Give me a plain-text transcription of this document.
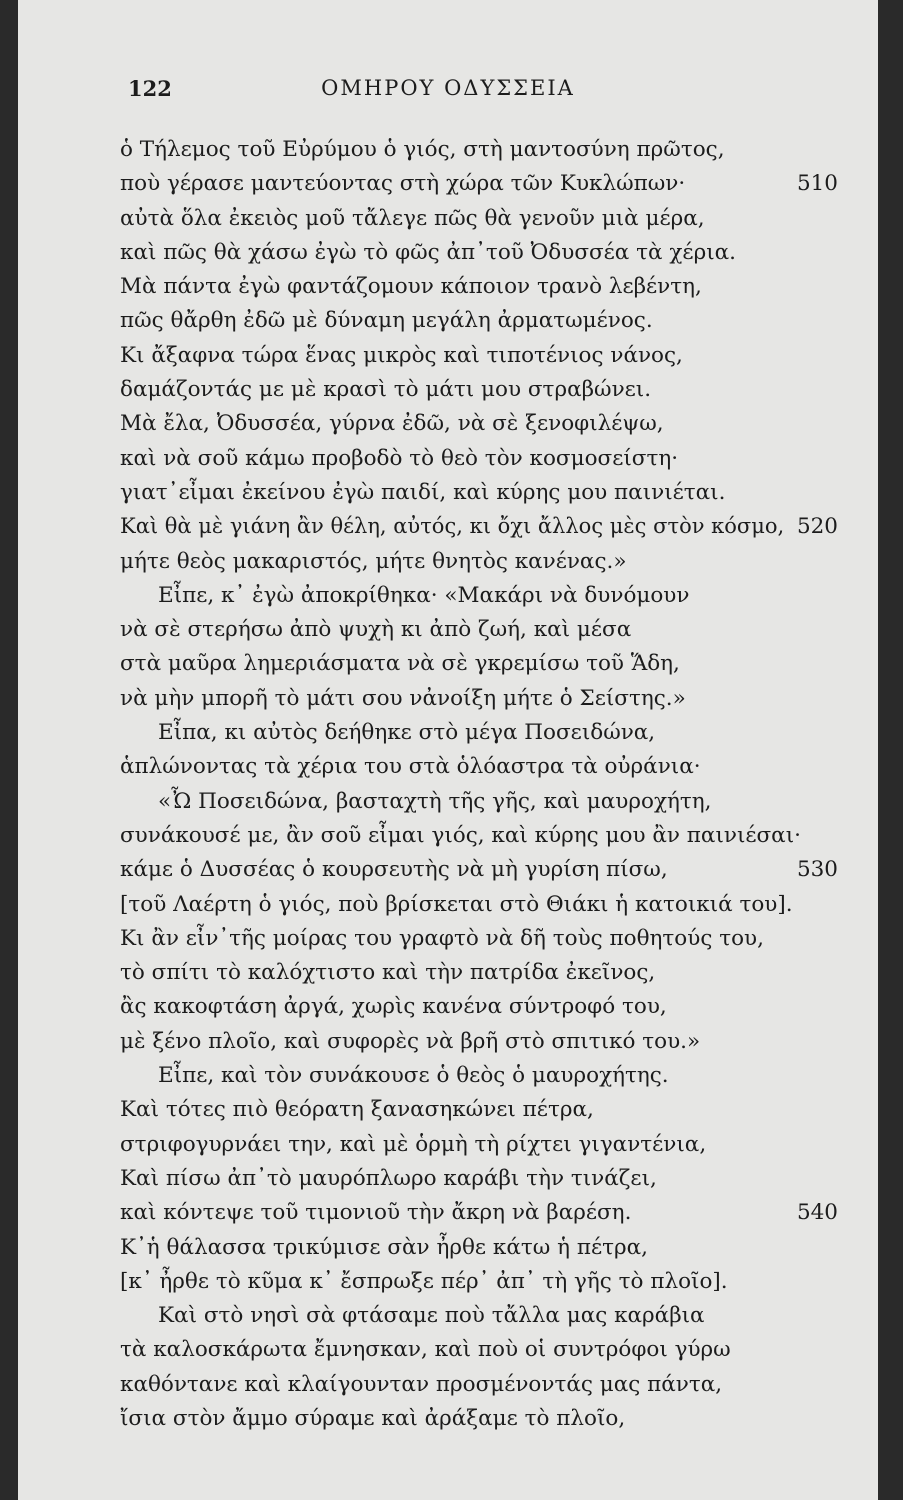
ΟΜΗΡΟΥ ΟΔΥΣΣΕΙΑ
122
ὁ Τήλεμος τοῦ Εὐρύμου ὁ γιός, στὴ μαντοσύνη πρῶτος,
ποὺ γέρασε μαντεύοντας στὴ χώρα τῶν Κυκλώπων·	510
αὐτὰ ὅλα ἐκειὸς μοῦ τἄλεγε πῶς θὰ γενοῦν μιὰ μέρα,
καὶ πῶς θὰ χάσω ἐγὼ τὸ φῶς ἀπ᾿τοῦ Ὀδυσσέα τὰ χέρια.
Μὰ πάντα ἐγὼ φαντάζομουν κάποιον τρανὸ λεβέντη,
πῶς θἄρθη ἐδῶ μὲ δύναμη μεγάλη ἀρματωμένος.
Κι ἄξαφνα τώρα ἕνας μικρὸς καὶ τιποτένιος νάνος,
δαμάζοντάς με μὲ κρασὶ τὸ μάτι μου στραβώνει.
Μὰ ἔλα, Ὀδυσσέα, γύρνα ἐδῶ, νὰ σὲ ξενοφιλέψω,
καὶ νὰ σοῦ κάμω προβοδὸ τὸ θεὸ τὸν κοσμοσείστη·
γιατ᾿εἶμαι ἐκείνου ἐγὼ παιδί, καὶ κύρης μου παινιέται.
Καὶ θὰ μὲ γιάνη ἂν θέλη, αὐτός, κι ὄχι ἄλλος μὲς στὸν κόσμο, 520
μήτε θεὸς μακαριστός, μήτε θνητὸς κανένας.»
Εἶπε, κ᾿ ἐγὼ ἀποκρίθηκα· «Μακάρι νὰ δυνόμουν
νὰ σὲ στερήσω ἀπὸ ψυχὴ κι ἀπὸ ζωή, καὶ μέσα
στὰ μαῦρα λημεριάσματα νὰ σὲ γκρεμίσω τοῦ Ἅδη,
νὰ μὴν μπορῆ τὸ μάτι σου νἀνοίξη μήτε ὁ Σείστης.»
Εἶπα, κι αὐτὸς δεήθηκε στὸ μέγα Ποσειδώνα,
ἁπλώνοντας τὰ χέρια του στὰ ὁλόαστρα τὰ οὐράνια·
«Ὦ Ποσειδώνα, βασταχτὴ τῆς γῆς, καὶ μαυροχήτη,
συνάκουσέ με, ἂν σοῦ εἶμαι γιός, καὶ κύρης μου ἂν παινιέσαι·
κάμε ὁ Δυσσέας ὁ κουρσευτὴς νὰ μὴ γυρίση πίσω,	530
[τοῦ Λαέρτη ὁ γιός, ποὺ βρίσκεται στὸ Θιάκι ἡ κατοικιά του].
Κι ἂν εἶν᾿τῆς μοίρας του γραφτὸ νὰ δῆ τοὺς ποθητούς του,
τὸ σπίτι τὸ καλόχτιστο καὶ τὴν πατρίδα ἐκεῖνος,
ἂς κακοφτάση ἀργά, χωρὶς κανένα σύντροφό του,
μὲ ξένο πλοῖο, καὶ συφορὲς νὰ βρῆ στὸ σπιτικό του.»
Εἶπε, καὶ τὸν συνάκουσε ὁ θεὸς ὁ μαυροχήτης.
Καὶ τότες πιὸ θεόρατη ξανασηκώνει πέτρα,
στριφογυρνάει την, καὶ μὲ ὁρμὴ τὴ ρίχτει γιγαντένια,
Καὶ πίσω ἀπ᾿τὸ μαυρόπλωρο καράβι τὴν τινάζει,
καὶ κόντεψε τοῦ τιμονιοῦ τὴν ἄκρη νὰ βαρέση.	540
Κ᾿ἡ θάλασσα τρικύμισε σὰν ἦρθε κάτω ἡ πέτρα,
[κ᾿ ἦρθε τὸ κῦμα κ᾿ ἔσπρωξε πέρ᾿ ἀπ᾿ τὴ γῆς τὸ πλοῖο].
Καὶ στὸ νησὶ σὰ φτάσαμε ποὺ τἄλλα μας καράβια
τὰ καλοσκάρωτα ἔμνησκαν, καὶ ποὺ οἱ συντρόφοι γύρω
καθόντανε καὶ κλαίγουνταν προσμένοντάς μας πάντα,
ἴσια στὸν ἄμμο σύραμε καὶ ἀράξαμε τὸ πλοῖο,
